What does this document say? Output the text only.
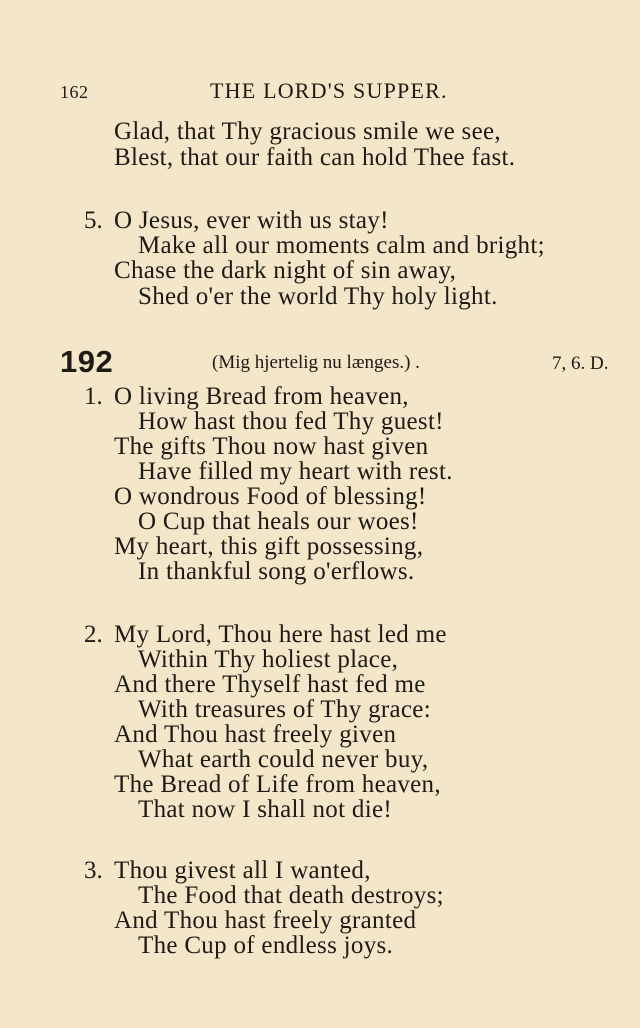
162	THE LORD'S SUPPER.
Glad, that Thy gracious smile we see,
Blest, that our faith can hold Thee fast.
5. O Jesus, ever with us stay!
Make all our moments calm and bright;
Chase the dark night of sin away,
Shed o'er the world Thy holy light.
192	(Mig hjertelig nu længes.) .	7, 6. D.
1. O living Bread from heaven,
How hast thou fed Thy guest!
The gifts Thou now hast given
Have filled my heart with rest.
O wondrous Food of blessing!
O Cup that heals our woes!
My heart, this gift possessing,
In thankful song o'erflows.
2. My Lord, Thou here hast led me
Within Thy holiest place,
And there Thyself hast fed me
With treasures of Thy grace:
And Thou hast freely given
What earth could never buy,
The Bread of Life from heaven,
That now I shall not die!
3. Thou givest all I wanted,
The Food that death destroys;
And Thou hast freely granted
The Cup of endless joys.
